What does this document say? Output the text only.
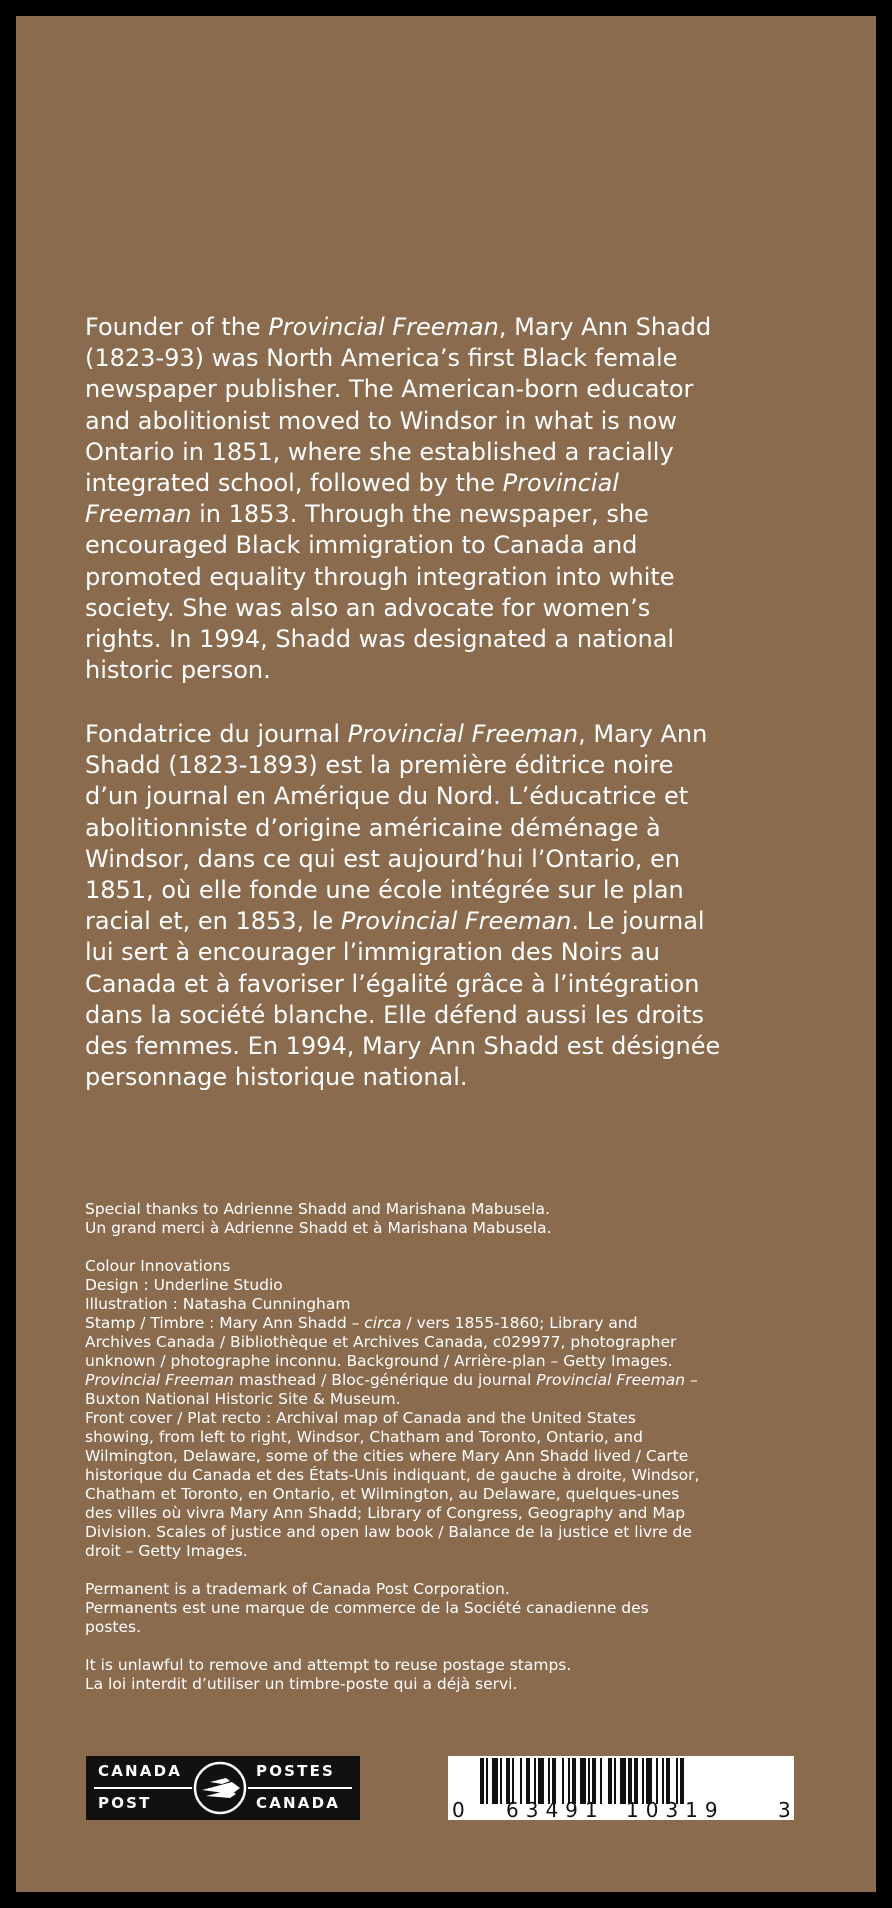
Founder of the Provincial Freeman, Mary Ann Shadd (1823-93) was North America’s first Black female newspaper publisher. The American-born educator and abolitionist moved to Windsor in what is now Ontario in 1851, where she established a racially integrated school, followed by the Provincial Freeman in 1853. Through the newspaper, she encouraged Black immigration to Canada and promoted equality through integration into white society. She was also an advocate for women’s rights. In 1994, Shadd was designated a national historic person.

Fondatrice du journal Provincial Freeman, Mary Ann Shadd (1823-1893) est la première éditrice noire d’un journal en Amérique du Nord. L’éducatrice et abolitionniste d’origine américaine déménage à Windsor, dans ce qui est aujourd’hui l’Ontario, en 1851, où elle fonde une école intégrée sur le plan racial et, en 1853, le Provincial Freeman. Le journal lui sert à encourager l’immigration des Noirs au Canada et à favoriser l’égalité grâce à l’intégration dans la société blanche. Elle défend aussi les droits des femmes. En 1994, Mary Ann Shadd est désignée personnage historique national.

Special thanks to Adrienne Shadd and Marishana Mabusela.
Un grand merci à Adrienne Shadd et à Marishana Mabusela.

Colour Innovations
Design : Underline Studio
Illustration : Natasha Cunningham
Stamp / Timbre : Mary Ann Shadd – circa / vers 1855-1860; Library and Archives Canada / Bibliothèque et Archives Canada, c029977, photographer unknown / photographe inconnu. Background / Arrière-plan – Getty Images. Provincial Freeman masthead / Bloc-générique du journal Provincial Freeman – Buxton National Historic Site & Museum.
Front cover / Plat recto : Archival map of Canada and the United States showing, from left to right, Windsor, Chatham and Toronto, Ontario, and Wilmington, Delaware, some of the cities where Mary Ann Shadd lived / Carte historique du Canada et des États-Unis indiquant, de gauche à droite, Windsor, Chatham et Toronto, en Ontario, et Wilmington, au Delaware, quelques-unes des villes où vivra Mary Ann Shadd; Library of Congress, Geography and Map Division. Scales of justice and open law book / Balance de la justice et livre de droit – Getty Images.

Permanent is a trademark of Canada Post Corporation.
Permanents est une marque de commerce de la Société canadienne des postes.

It is unlawful to remove and attempt to reuse postage stamps.
La loi interdit d’utiliser un timbre-poste qui a déjà servi.

CANADA
POST
POSTES
CANADA	0 63491 10319	3
